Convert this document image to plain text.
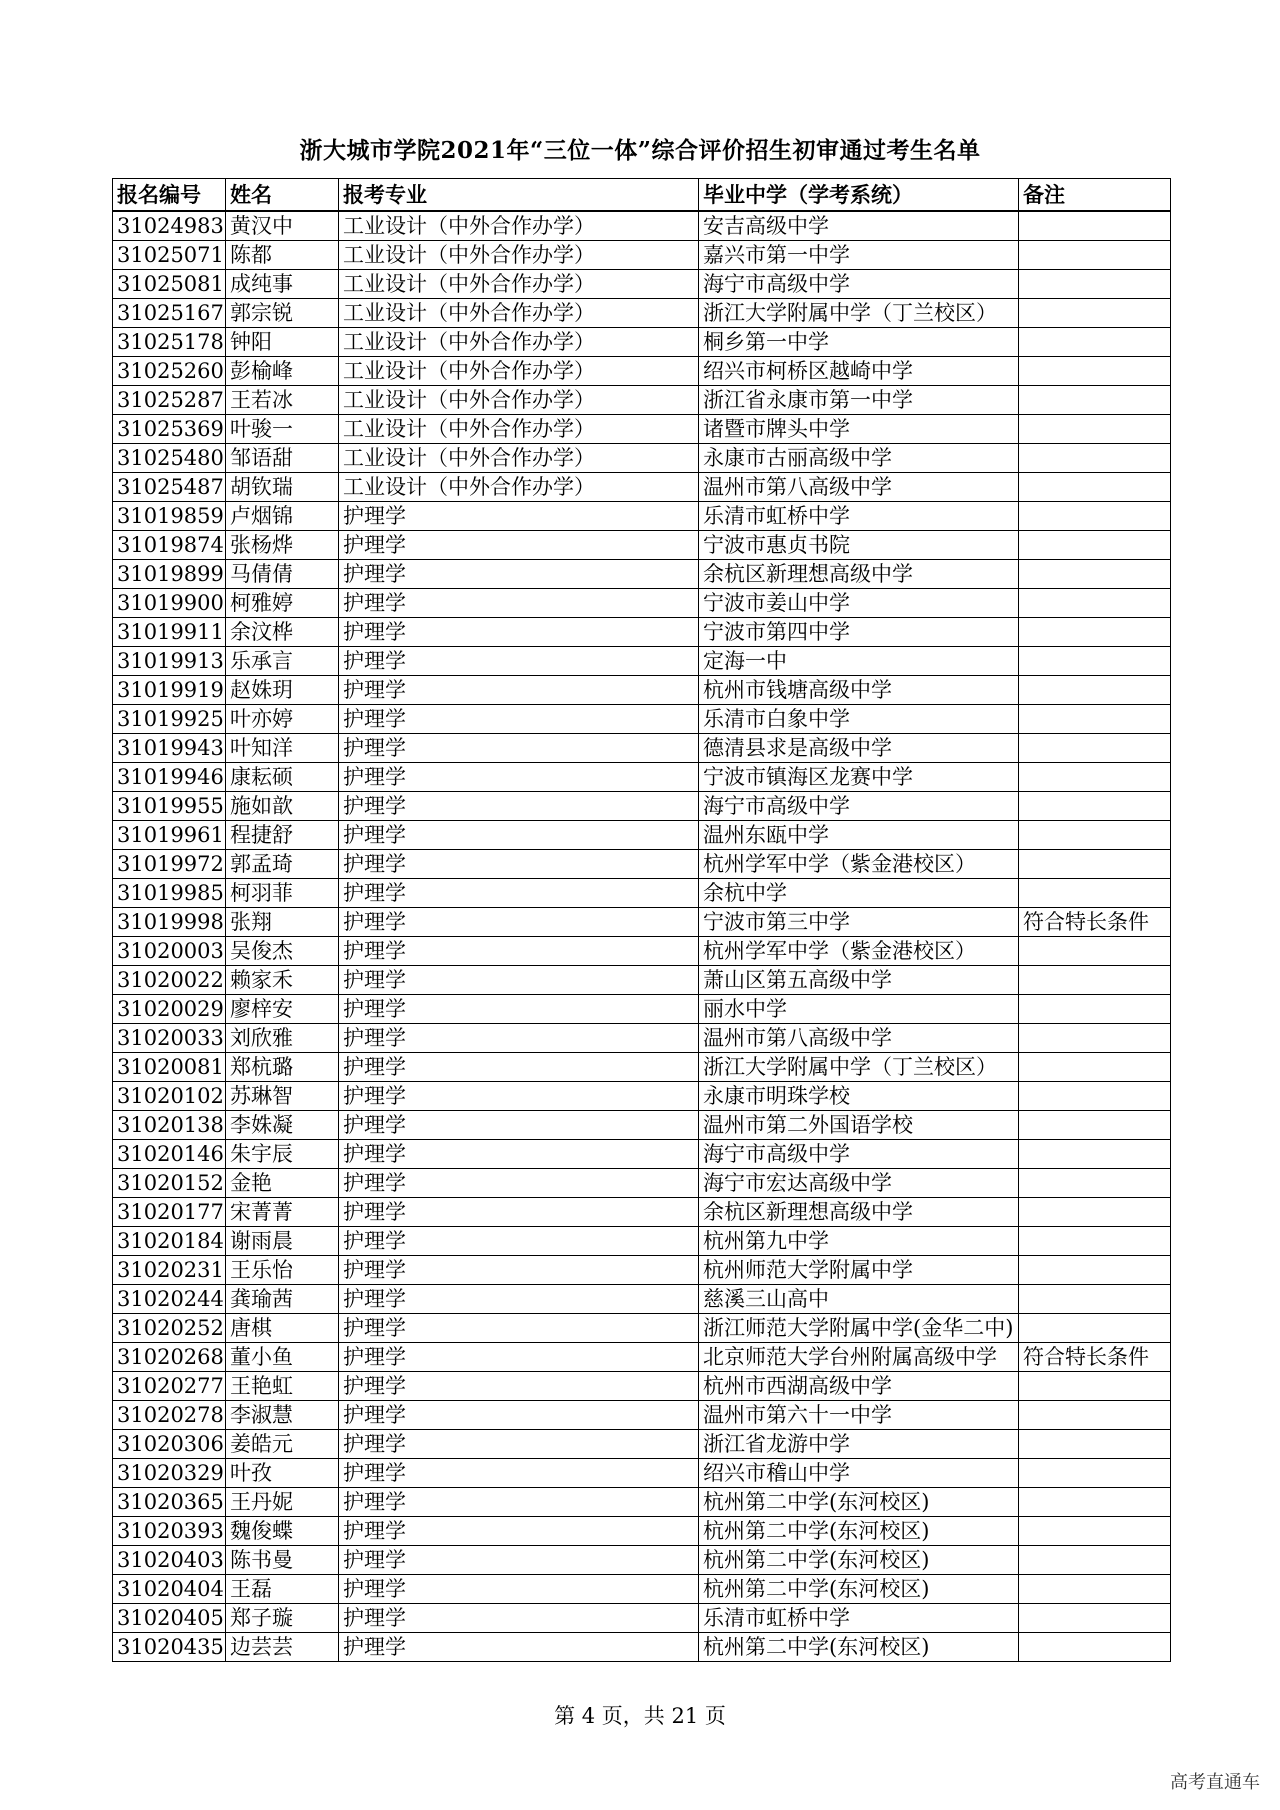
浙大城市学院2021年“三位一体”综合评价招生初审通过考生名单
报名编号	姓名	报考专业	毕业中学（学考系统）	备注
31024983	黄汉中	工业设计（中外合作办学）	安吉高级中学	
31025071	陈都	工业设计（中外合作办学）	嘉兴市第一中学	
31025081	成纯事	工业设计（中外合作办学）	海宁市高级中学	
31025167	郭宗锐	工业设计（中外合作办学）	浙江大学附属中学（丁兰校区）	
31025178	钟阳	工业设计（中外合作办学）	桐乡第一中学	
31025260	彭榆峰	工业设计（中外合作办学）	绍兴市柯桥区越崎中学	
31025287	王若冰	工业设计（中外合作办学）	浙江省永康市第一中学	
31025369	叶骏一	工业设计（中外合作办学）	诸暨市牌头中学	
31025480	邹语甜	工业设计（中外合作办学）	永康市古丽高级中学	
31025487	胡钦瑞	工业设计（中外合作办学）	温州市第八高级中学	
31019859	卢烟锦	护理学	乐清市虹桥中学	
31019874	张杨烨	护理学	宁波市惠贞书院	
31019899	马倩倩	护理学	余杭区新理想高级中学	
31019900	柯雅婷	护理学	宁波市姜山中学	
31019911	余汶桦	护理学	宁波市第四中学	
31019913	乐承言	护理学	定海一中	
31019919	赵姝玥	护理学	杭州市钱塘高级中学	
31019925	叶亦婷	护理学	乐清市白象中学	
31019943	叶知洋	护理学	德清县求是高级中学	
31019946	康耘硕	护理学	宁波市镇海区龙赛中学	
31019955	施如歆	护理学	海宁市高级中学	
31019961	程捷舒	护理学	温州东瓯中学	
31019972	郭孟琦	护理学	杭州学军中学（紫金港校区）	
31019985	柯羽菲	护理学	余杭中学	
31019998	张翔	护理学	宁波市第三中学	符合特长条件
31020003	吴俊杰	护理学	杭州学军中学（紫金港校区）	
31020022	赖家禾	护理学	萧山区第五高级中学	
31020029	廖梓安	护理学	丽水中学	
31020033	刘欣雅	护理学	温州市第八高级中学	
31020081	郑杭璐	护理学	浙江大学附属中学（丁兰校区）	
31020102	苏琳智	护理学	永康市明珠学校	
31020138	李姝凝	护理学	温州市第二外国语学校	
31020146	朱宇辰	护理学	海宁市高级中学	
31020152	金艳	护理学	海宁市宏达高级中学	
31020177	宋菁菁	护理学	余杭区新理想高级中学	
31020184	谢雨晨	护理学	杭州第九中学	
31020231	王乐怡	护理学	杭州师范大学附属中学	
31020244	龚瑜茜	护理学	慈溪三山高中	
31020252	唐棋	护理学	浙江师范大学附属中学(金华二中)	
31020268	董小鱼	护理学	北京师范大学台州附属高级中学	符合特长条件
31020277	王艳虹	护理学	杭州市西湖高级中学	
31020278	李淑慧	护理学	温州市第六十一中学	
31020306	姜皓元	护理学	浙江省龙游中学	
31020329	叶孜	护理学	绍兴市稽山中学	
31020365	王丹妮	护理学	杭州第二中学(东河校区)	
31020393	魏俊蝶	护理学	杭州第二中学(东河校区)	
31020403	陈书曼	护理学	杭州第二中学(东河校区)	
31020404	王磊	护理学	杭州第二中学(东河校区)	
31020405	郑子璇	护理学	乐清市虹桥中学	
31020435	边芸芸	护理学	杭州第二中学(东河校区)	
第 4 页，共 21 页
高考直通车
